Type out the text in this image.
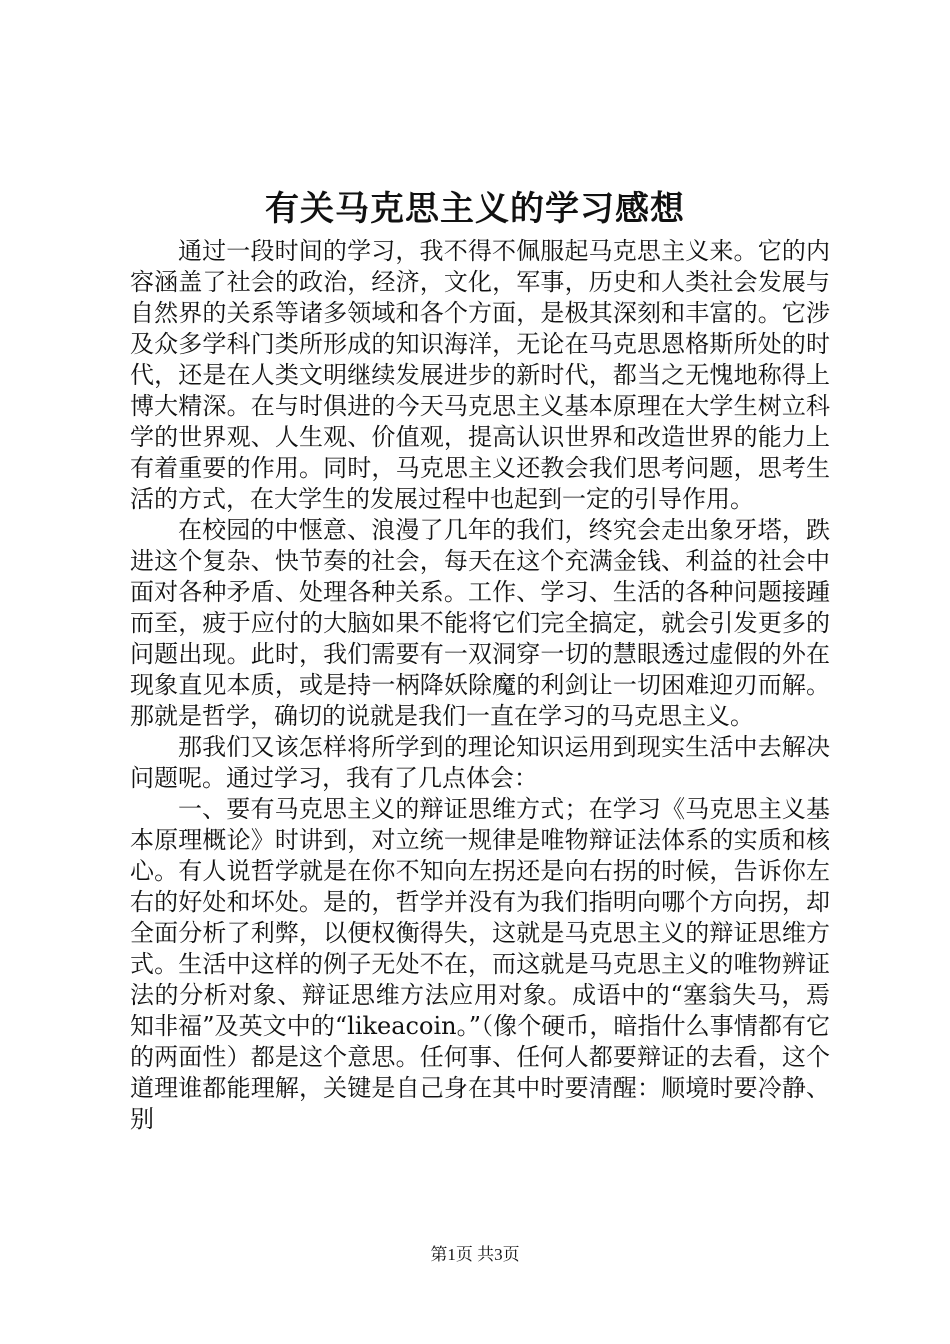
有关马克思主义的学习感想

通过一段时间的学习，我不得不佩服起马克思主义来。它的内容涵盖了社会的政治，经济，文化，军事，历史和人类社会发展与自然界的关系等诸多领域和各个方面，是极其深刻和丰富的。它涉及众多学科门类所形成的知识海洋，无论在马克思恩格斯所处的时代，还是在人类文明继续发展进步的新时代，都当之无愧地称得上博大精深。在与时俱进的今天马克思主义基本原理在大学生树立科学的世界观、人生观、价值观，提高认识世界和改造世界的能力上有着重要的作用。同时，马克思主义还教会我们思考问题，思考生活的方式，在大学生的发展过程中也起到一定的引导作用。

在校园的中惬意、浪漫了几年的我们，终究会走出象牙塔，跌进这个复杂、快节奏的社会，每天在这个充满金钱、利益的社会中面对各种矛盾、处理各种关系。工作、学习、生活的各种问题接踵而至，疲于应付的大脑如果不能将它们完全搞定，就会引发更多的问题出现。此时，我们需要有一双洞穿一切的慧眼透过虚假的外在现象直见本质，或是持一柄降妖除魔的利剑让一切困难迎刃而解。那就是哲学，确切的说就是我们一直在学习的马克思主义。

那我们又该怎样将所学到的理论知识运用到现实生活中去解决问题呢。通过学习，我有了几点体会：

一、要有马克思主义的辩证思维方式；在学习《马克思主义基本原理概论》时讲到，对立统一规律是唯物辩证法体系的实质和核心。有人说哲学就是在你不知向左拐还是向右拐的时候，告诉你左右的好处和坏处。是的，哲学并没有为我们指明向哪个方向拐，却全面分析了利弊，以便权衡得失，这就是马克思主义的辩证思维方式。生活中这样的例子无处不在，而这就是马克思主义的唯物辨证法的分析对象、辩证思维方法应用对象。成语中的“塞翁失马，焉知非福”及英文中的“likeacoin。”（像个硬币，暗指什么事情都有它的两面性）都是这个意思。任何事、任何人都要辩证的去看，这个道理谁都能理解，关键是自己身在其中时要清醒：顺境时要冷静、别

第1页 共3页
